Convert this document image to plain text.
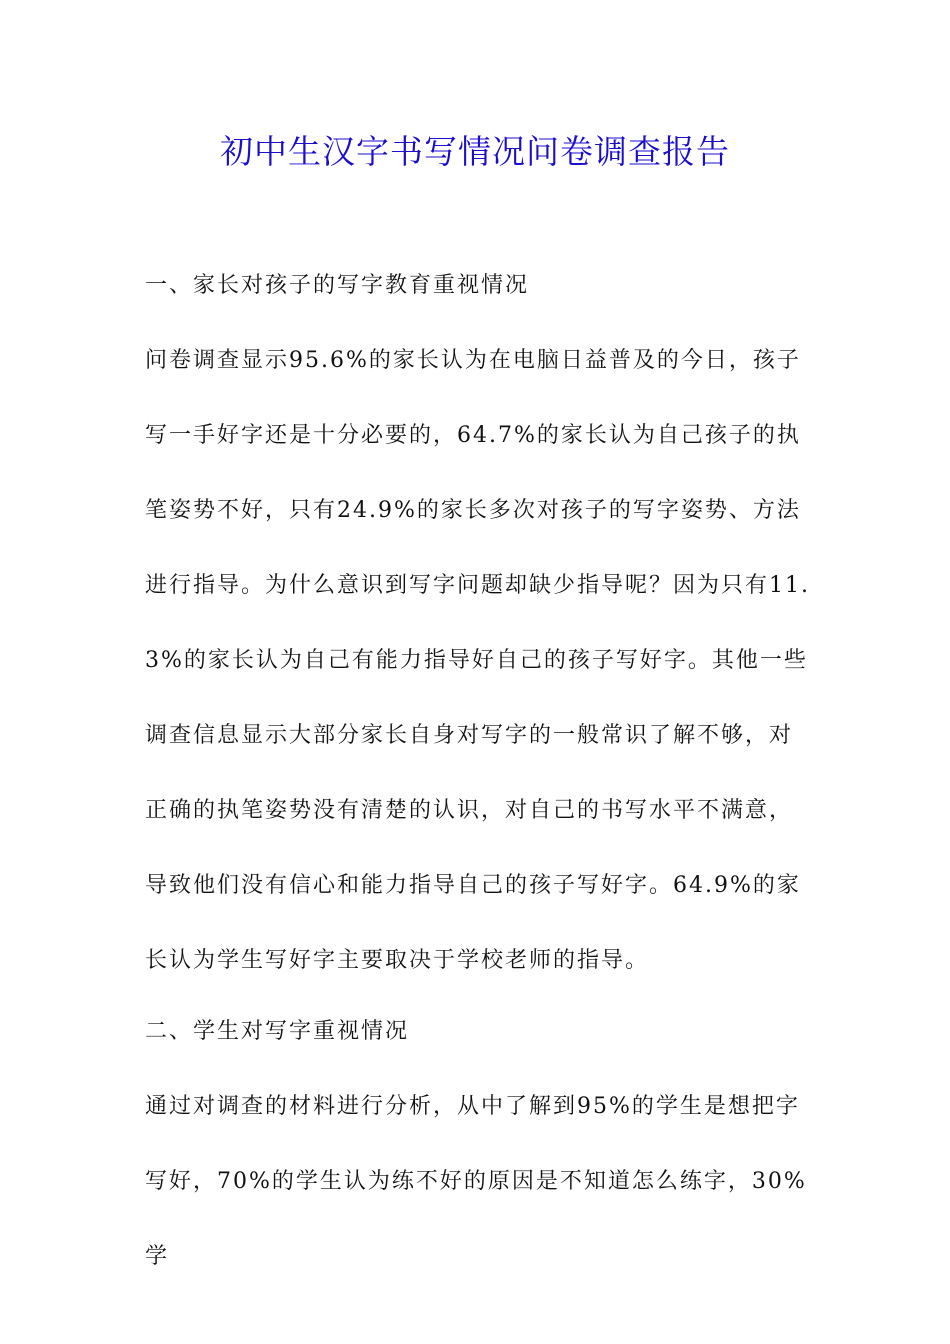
初中生汉字书写情况问卷调查报告

一、家长对孩子的写字教育重视情况

问卷调查显示95.6%的家长认为在电脑日益普及的今日，孩子写一手好字还是十分必要的，64.7%的家长认为自己孩子的执笔姿势不好，只有24.9%的家长多次对孩子的写字姿势、方法进行指导。为什么意识到写字问题却缺少指导呢？因为只有11.3%的家长认为自己有能力指导好自己的孩子写好字。其他一些调查信息显示大部分家长自身对写字的一般常识了解不够，对正确的执笔姿势没有清楚的认识，对自己的书写水平不满意，导致他们没有信心和能力指导自己的孩子写好字。64.9%的家长认为学生写好字主要取决于学校老师的指导。

二、学生对写字重视情况

通过对调查的材料进行分析，从中了解到95%的学生是想把字写好，70%的学生认为练不好的原因是不知道怎么练字，30%学
